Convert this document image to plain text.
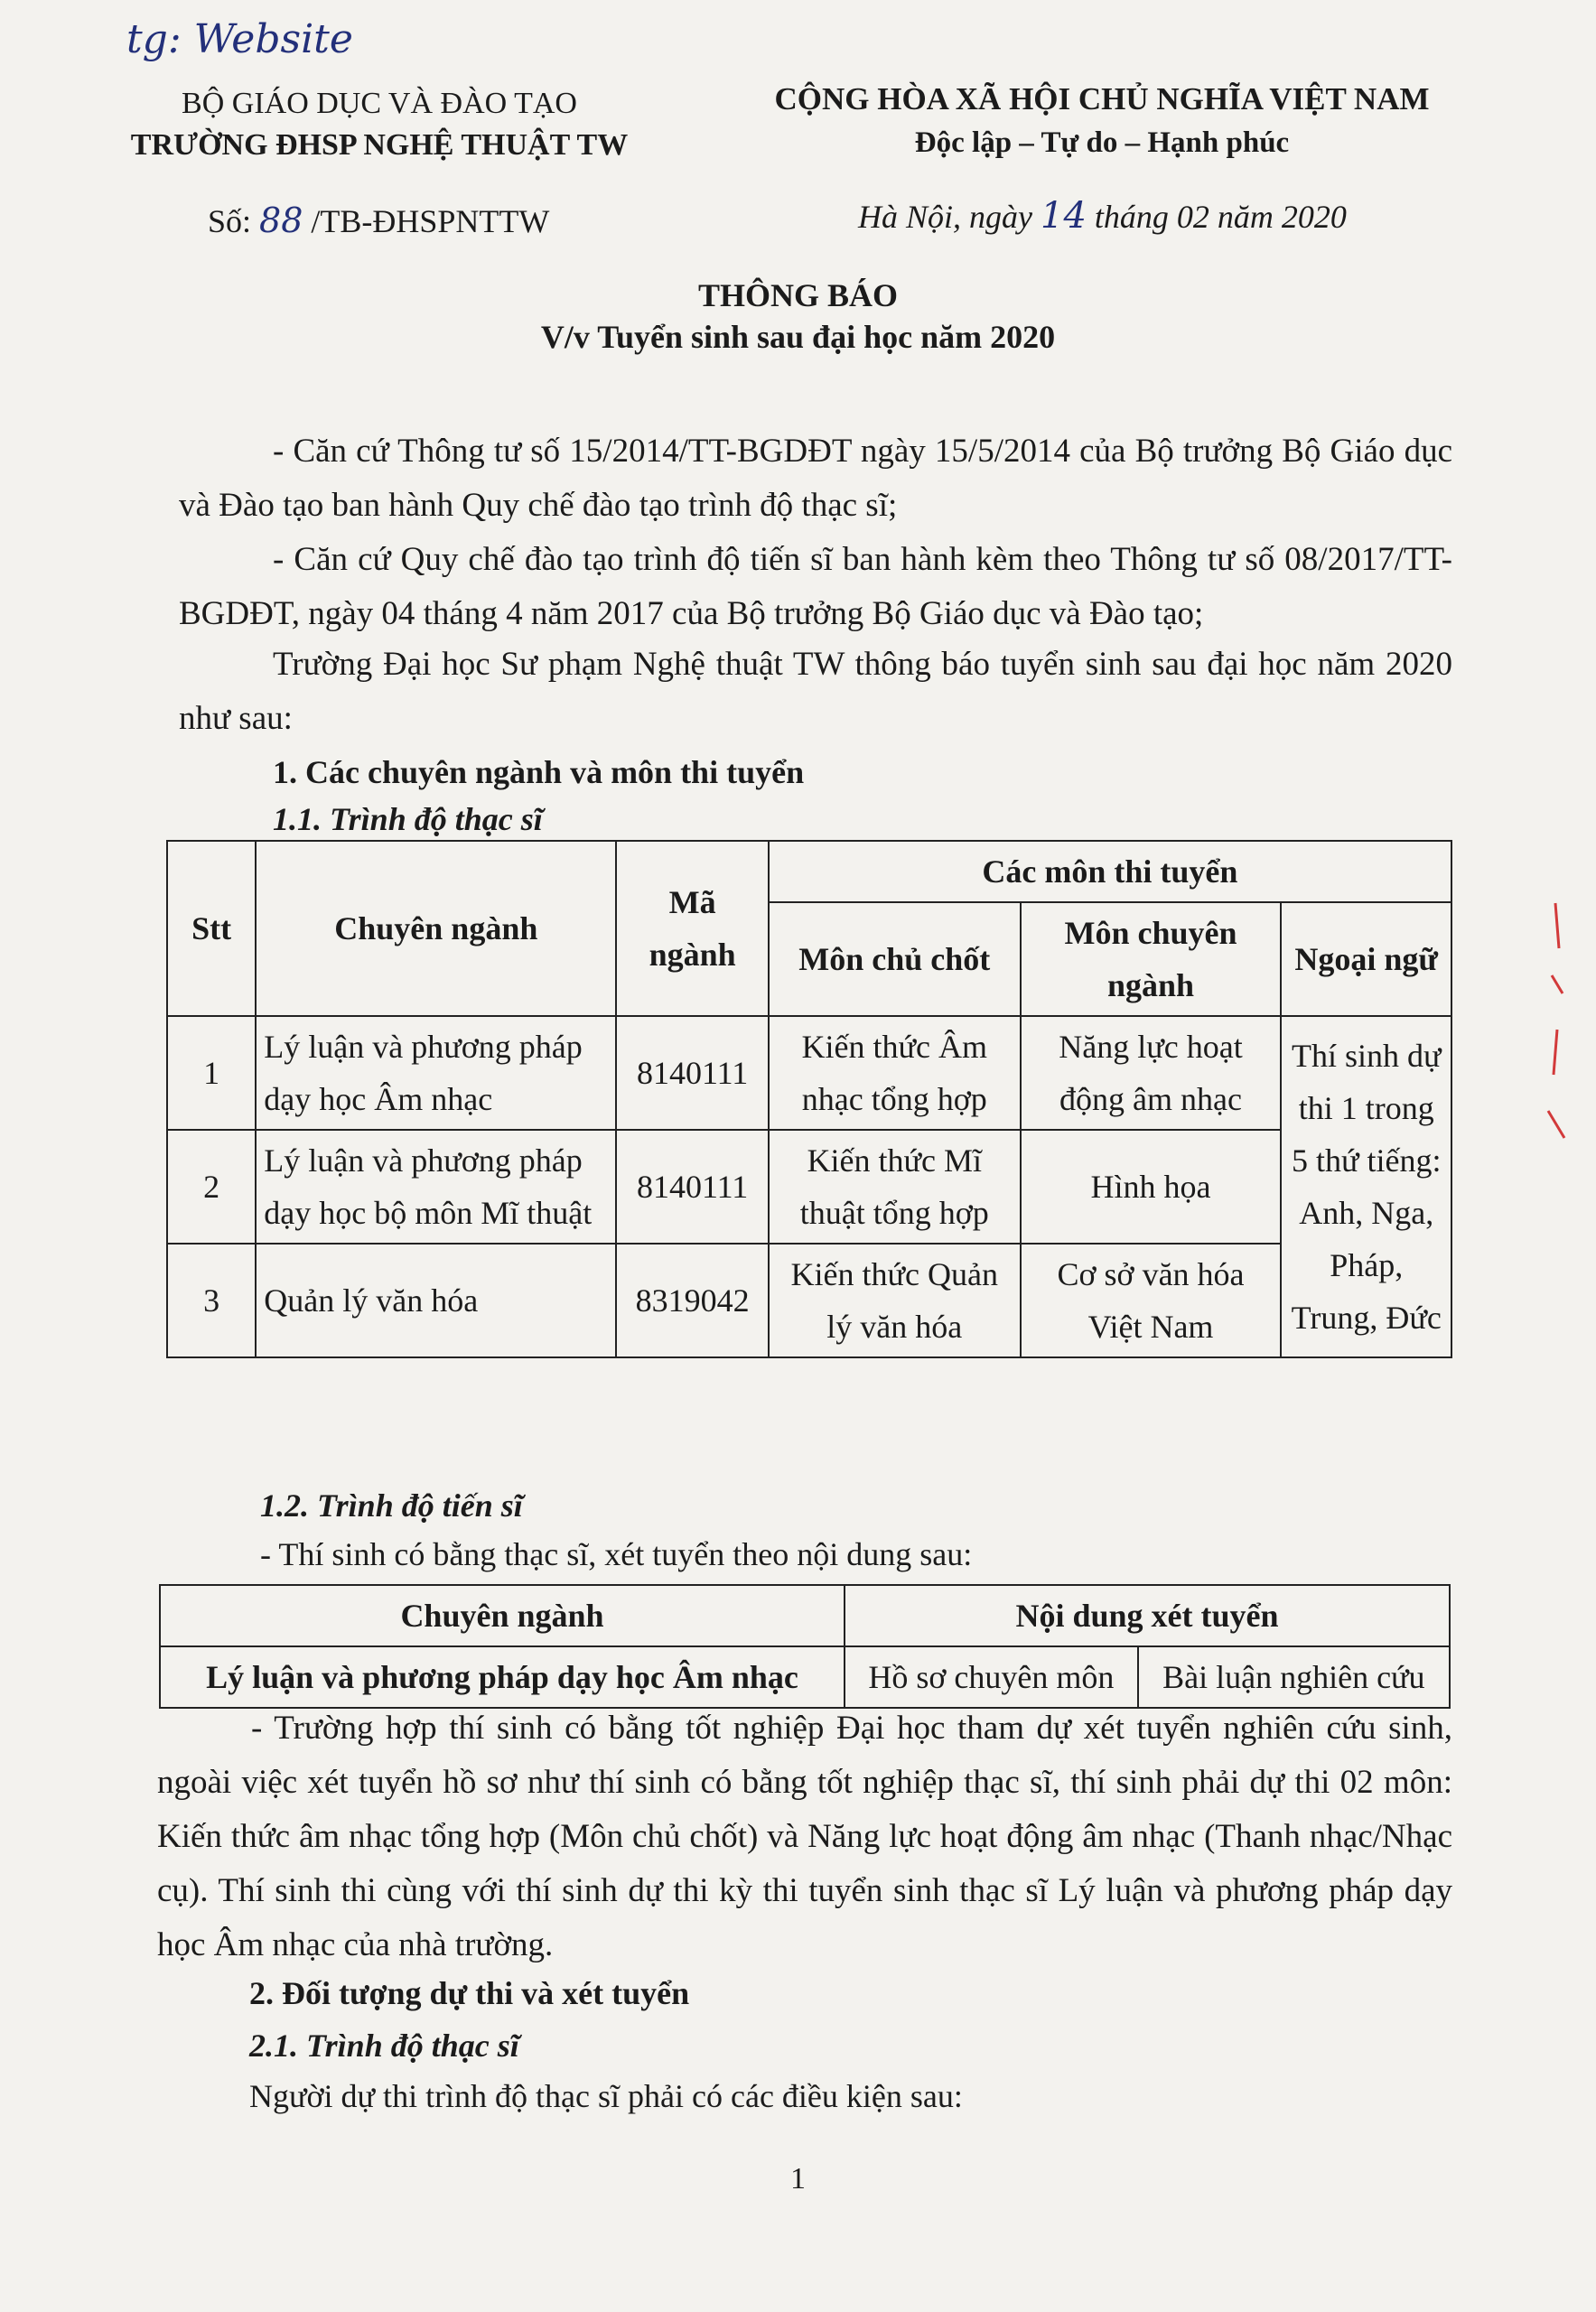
tg: Website
BỘ GIÁO DỤC VÀ ĐÀO TẠO
TRƯỜNG ĐHSP NGHỆ THUẬT TW
CỘNG HÒA XÃ HỘI CHỦ NGHĨA VIỆT NAM
Độc lập – Tự do – Hạnh phúc
Số: 88 /TB-ĐHSPNTTW	Hà Nội, ngày 14 tháng 02 năm 2020
THÔNG BÁO
V/v Tuyển sinh sau đại học năm 2020
- Căn cứ Thông tư số 15/2014/TT-BGDĐT ngày 15/5/2014 của Bộ trưởng Bộ Giáo dục và Đào tạo ban hành Quy chế đào tạo trình độ thạc sĩ;
- Căn cứ Quy chế đào tạo trình độ tiến sĩ ban hành kèm theo Thông tư số 08/2017/TT-BGDĐT, ngày 04 tháng 4 năm 2017 của Bộ trưởng Bộ Giáo dục và Đào tạo;
Trường Đại học Sư phạm Nghệ thuật TW thông báo tuyển sinh sau đại học năm 2020 như sau:
1. Các chuyên ngành và môn thi tuyển
1.1. Trình độ thạc sĩ
Stt	Chuyên ngành	Mã ngành	Các môn thi tuyển		
			Môn chủ chốt	Môn chuyên ngành	Ngoại ngữ
1	Lý luận và phương pháp dạy học Âm nhạc	8140111	Kiến thức Âm nhạc tổng hợp	Năng lực hoạt động âm nhạc	Thí sinh dự thi 1 trong 5 thứ tiếng: Anh, Nga, Pháp, Trung, Đức
2	Lý luận và phương pháp dạy học bộ môn Mĩ thuật	8140111	Kiến thức Mĩ thuật tổng hợp	Hình họa	
3	Quản lý văn hóa	8319042	Kiến thức Quản lý văn hóa	Cơ sở văn hóa Việt Nam	
1.2. Trình độ tiến sĩ
- Thí sinh có bằng thạc sĩ, xét tuyển theo nội dung sau:
Chuyên ngành	Nội dung xét tuyển	
Lý luận và phương pháp dạy học Âm nhạc	Hồ sơ chuyên môn	Bài luận nghiên cứu
- Trường hợp thí sinh có bằng tốt nghiệp Đại học tham dự xét tuyển nghiên cứu sinh, ngoài việc xét tuyển hồ sơ như thí sinh có bằng tốt nghiệp thạc sĩ, thí sinh phải dự thi 02 môn: Kiến thức âm nhạc tổng hợp (Môn chủ chốt) và Năng lực hoạt động âm nhạc (Thanh nhạc/Nhạc cụ). Thí sinh thi cùng với thí sinh dự thi kỳ thi tuyển sinh thạc sĩ Lý luận và phương pháp dạy học Âm nhạc của nhà trường.
2. Đối tượng dự thi và xét tuyển
2.1. Trình độ thạc sĩ
Người dự thi trình độ thạc sĩ phải có các điều kiện sau:
1
